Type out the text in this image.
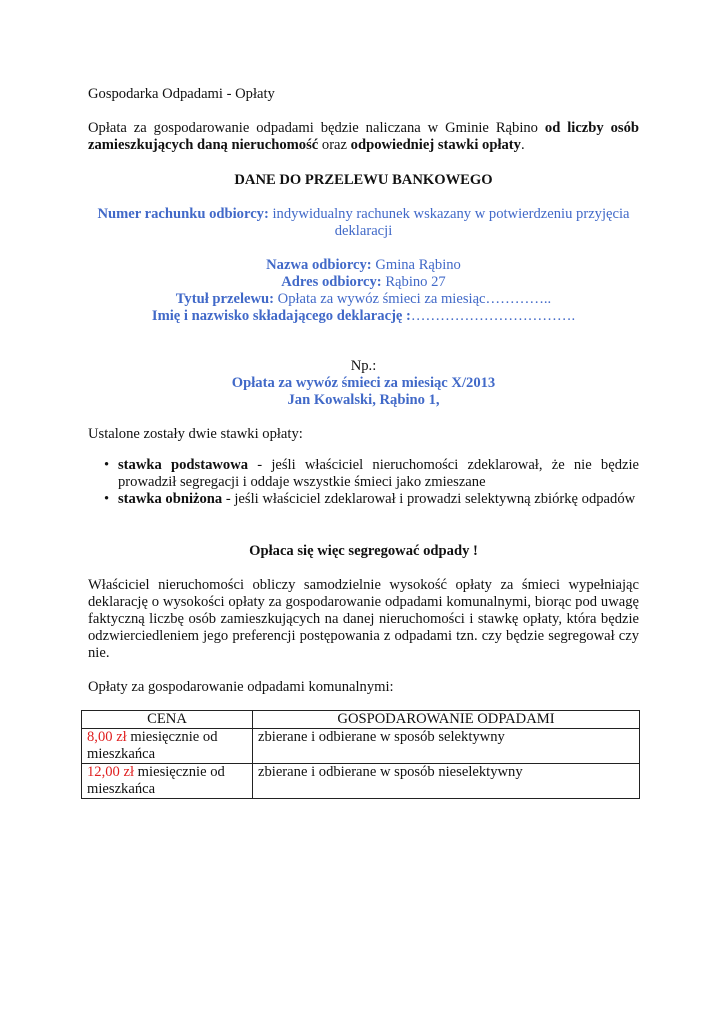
Gospodarka Odpadami - Opłaty
Opłata za gospodarowanie odpadami będzie naliczana w Gminie Rąbino od liczby osób zamieszkujących daną nieruchomość oraz odpowiedniej stawki opłaty.
DANE DO PRZELEWU BANKOWEGO
Numer rachunku odbiorcy: indywidualny rachunek wskazany w potwierdzeniu przyjęcia deklaracji
Nazwa odbiorcy: Gmina Rąbino
Adres odbiorcy: Rąbino 27
Tytuł przelewu: Opłata za wywóz śmieci za miesiąc…………..
Imię i nazwisko składającego deklarację :…………………………….
Np.:
Opłata za wywóz śmieci za miesiąc X/2013
Jan Kowalski, Rąbino 1,
Ustalone zostały dwie stawki opłaty:
• stawka podstawowa - jeśli właściciel nieruchomości zdeklarował, że nie będzie prowadził segregacji i oddaje wszystkie śmieci jako zmieszane
• stawka obniżona - jeśli właściciel zdeklarował i prowadzi selektywną zbiórkę odpadów
Opłaca się więc segregować odpady !
Właściciel nieruchomości obliczy samodzielnie wysokość opłaty za śmieci wypełniając deklarację o wysokości opłaty za gospodarowanie odpadami komunalnymi, biorąc pod uwagę faktyczną liczbę osób zamieszkujących na danej nieruchomości i stawkę opłaty, która będzie odzwierciedleniem jego preferencji postępowania z odpadami tzn. czy będzie segregował czy nie.
Opłaty za gospodarowanie odpadami komunalnymi:
CENA	GOSPODAROWANIE ODPADAMI
8,00 zł miesięcznie od mieszkańca	zbierane i odbierane w sposób selektywny
12,00 zł miesięcznie od mieszkańca	zbierane i odbierane w sposób nieselektywny
